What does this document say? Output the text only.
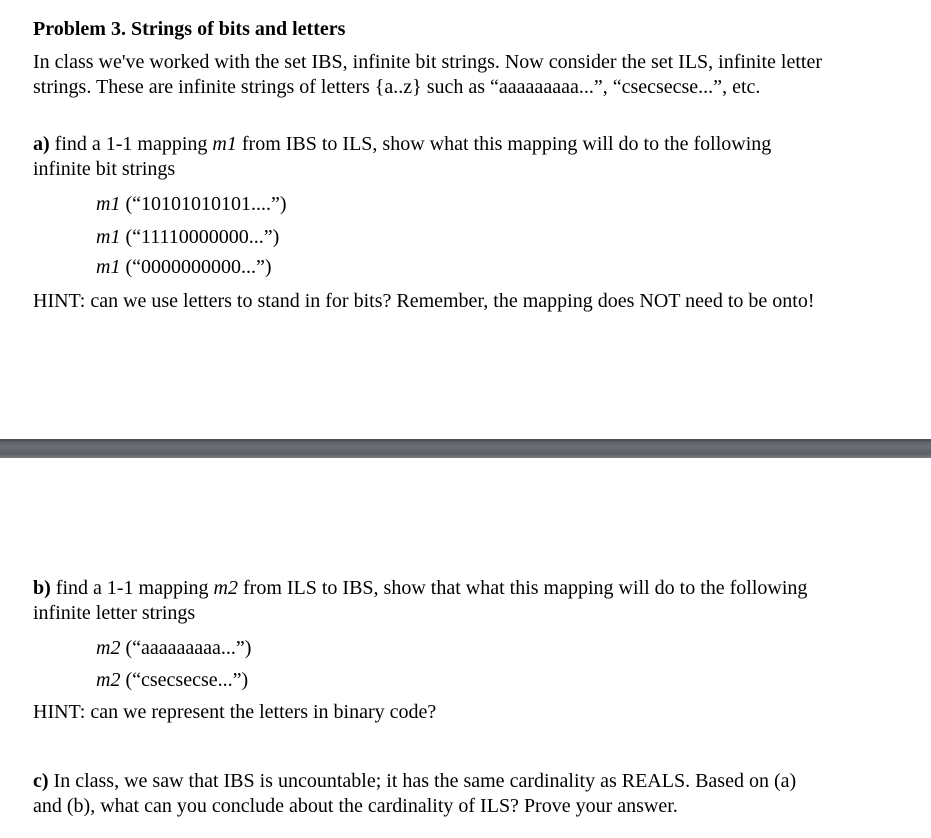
Problem 3. Strings of bits and letters
In class we've worked with the set IBS, infinite bit strings. Now consider the set ILS, infinite letter
strings. These are infinite strings of letters {a..z} such as “aaaaaaaaa...”, “csecsecse...”, etc.
a) find a 1-1 mapping m1 from IBS to ILS, show what this mapping will do to the following
infinite bit strings
m1 (“10101010101....”)
m1 (“11110000000...”)
m1 (“0000000000...”)
HINT: can we use letters to stand in for bits? Remember, the mapping does NOT need to be onto!
b) find a 1-1 mapping m2 from ILS to IBS, show that what this mapping will do to the following
infinite letter strings
m2 (“aaaaaaaaa...”)
m2 (“csecsecse...”)
HINT: can we represent the letters in binary code?
c) In class, we saw that IBS is uncountable; it has the same cardinality as REALS. Based on (a)
and (b), what can you conclude about the cardinality of ILS? Prove your answer.
